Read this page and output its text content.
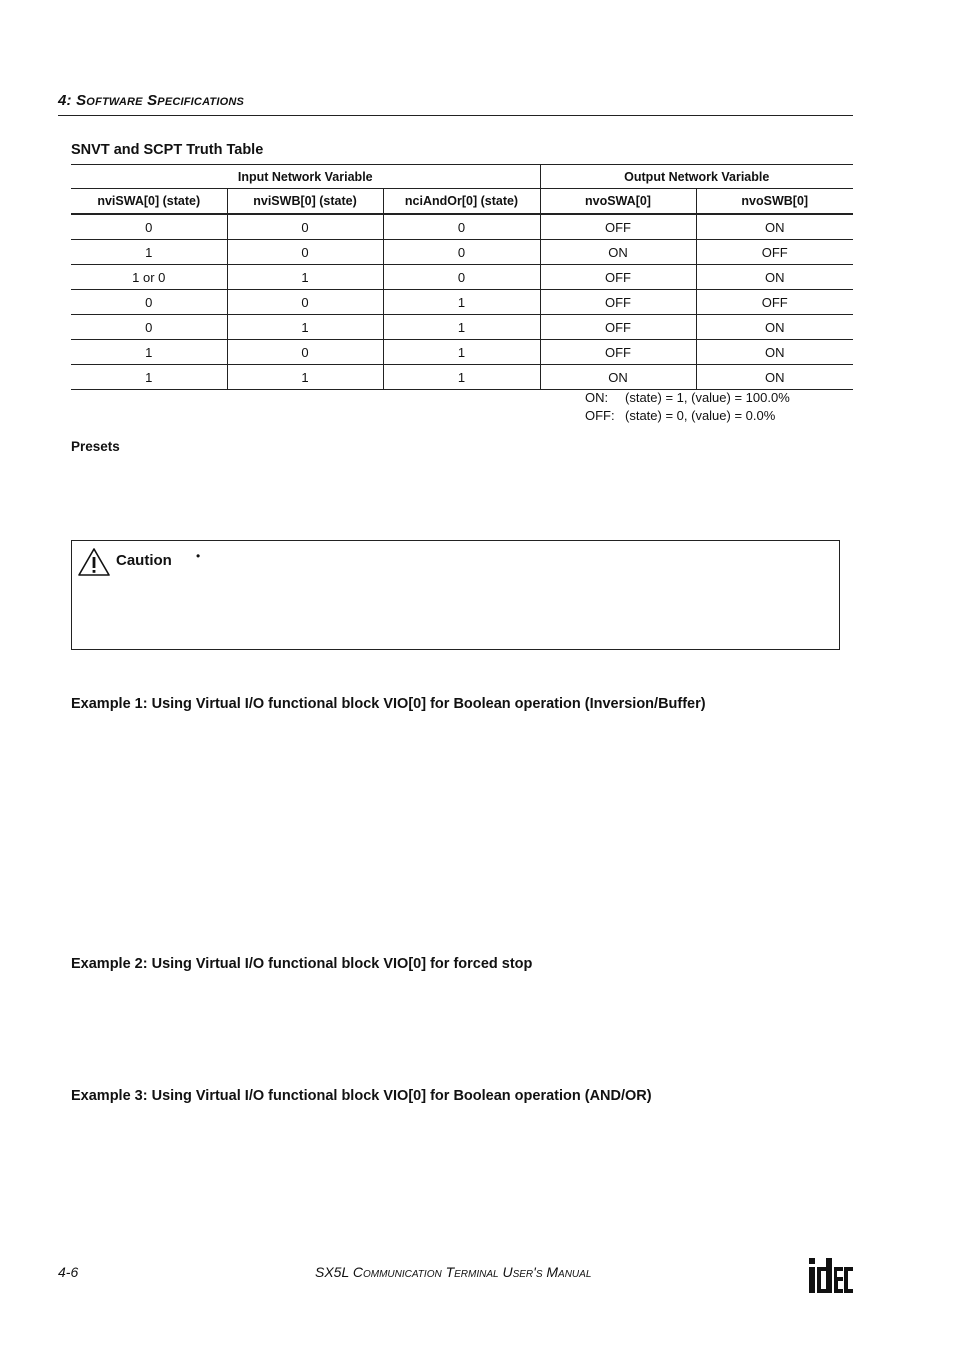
4: Software Specifications
SNVT and SCPT Truth Table
Input Network Variable			Output Network Variable	
nviSWA[0] (state)	nviSWB[0] (state)	nciAndOr[0] (state)	nvoSWA[0]	nvoSWB[0]
0	0	0	OFF	ON
1	0	0	ON	OFF
1 or 0	1	0	OFF	ON
0	0	1	OFF	OFF
0	1	1	OFF	ON
1	0	1	OFF	ON
1	1	1	ON	ON
ON: (state) = 1, (value) = 100.0%
OFF: (state) = 0, (value) = 0.0%
Presets
Caution •
Example 1: Using Virtual I/O functional block VIO[0] for Boolean operation (Inversion/Buffer)
Example 2: Using Virtual I/O functional block VIO[0] for forced stop
Example 3: Using Virtual I/O functional block VIO[0] for Boolean operation (AND/OR)
4-6	SX5L Communication Terminal User's Manual
